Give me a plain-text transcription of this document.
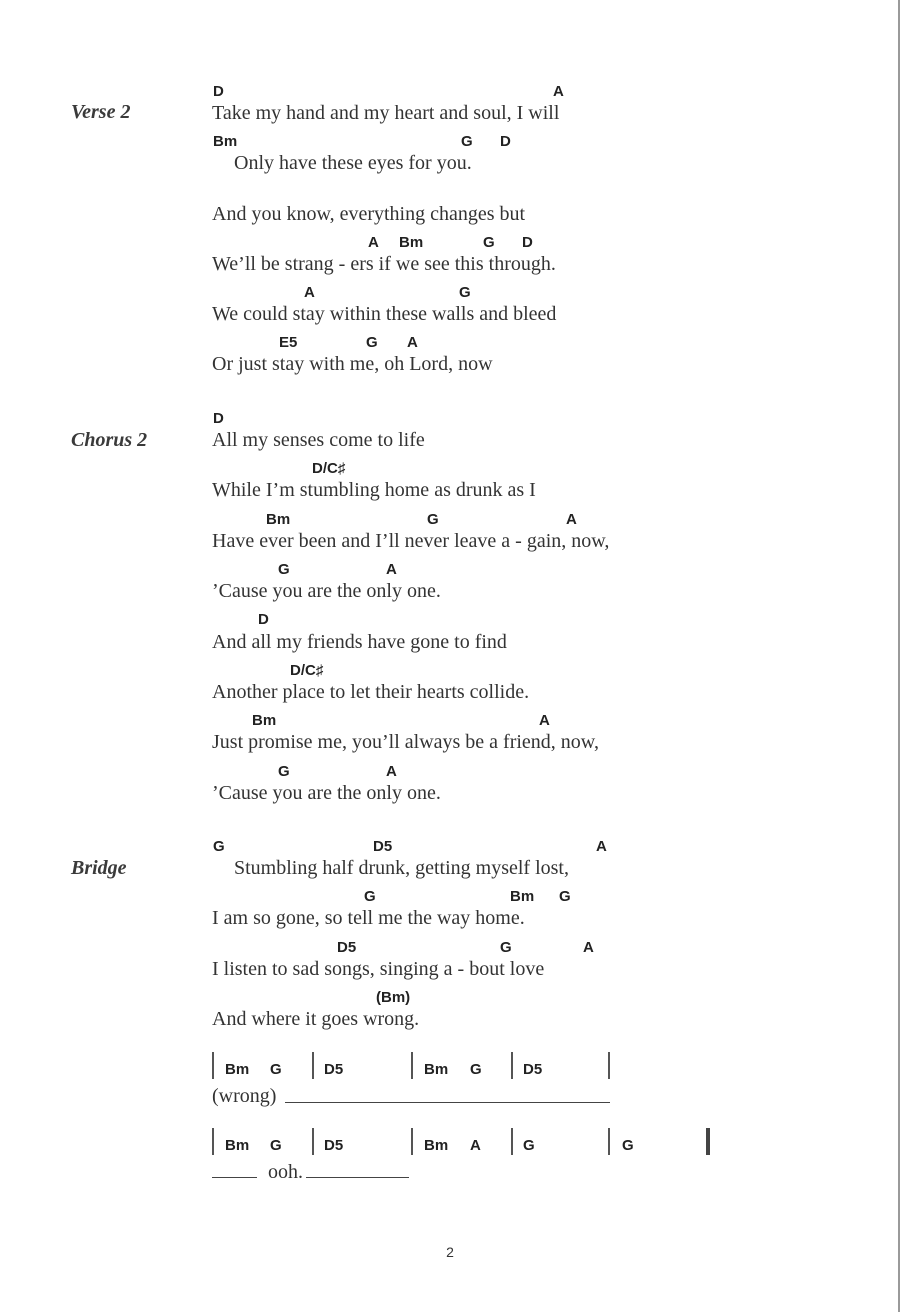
Verse 2
D	A
Take my hand and my heart and soul, I will
Bm	G D
Only have these eyes for you.
And you know, everything changes but
A Bm	G D
We’ll be strang - ers if we see this through.
A	G
We could stay within these walls and bleed
E5	G A
Or just stay with me, oh Lord, now
Chorus 2
D
All my senses come to life
D/C♯
While I’m stumbling home as drunk as I
Bm	G	A
Have ever been and I’ll never leave a - gain, now,
G	A
’Cause you are the only one.
D
And all my friends have gone to find
D/C♯
Another place to let their hearts collide.
Bm	A
Just promise me, you’ll always be a friend, now,
G	A
’Cause you are the only one.
Bridge
G	D5	A
Stumbling half drunk, getting myself lost,
G	Bm G
I am so gone, so tell me the way home.
D5	G	A
I listen to sad songs, singing a - bout love
(Bm)
And where it goes wrong.
Bm G	D5	Bm G	D5
(wrong)
Bm G	D5	Bm A	G	G
ooh.
2
